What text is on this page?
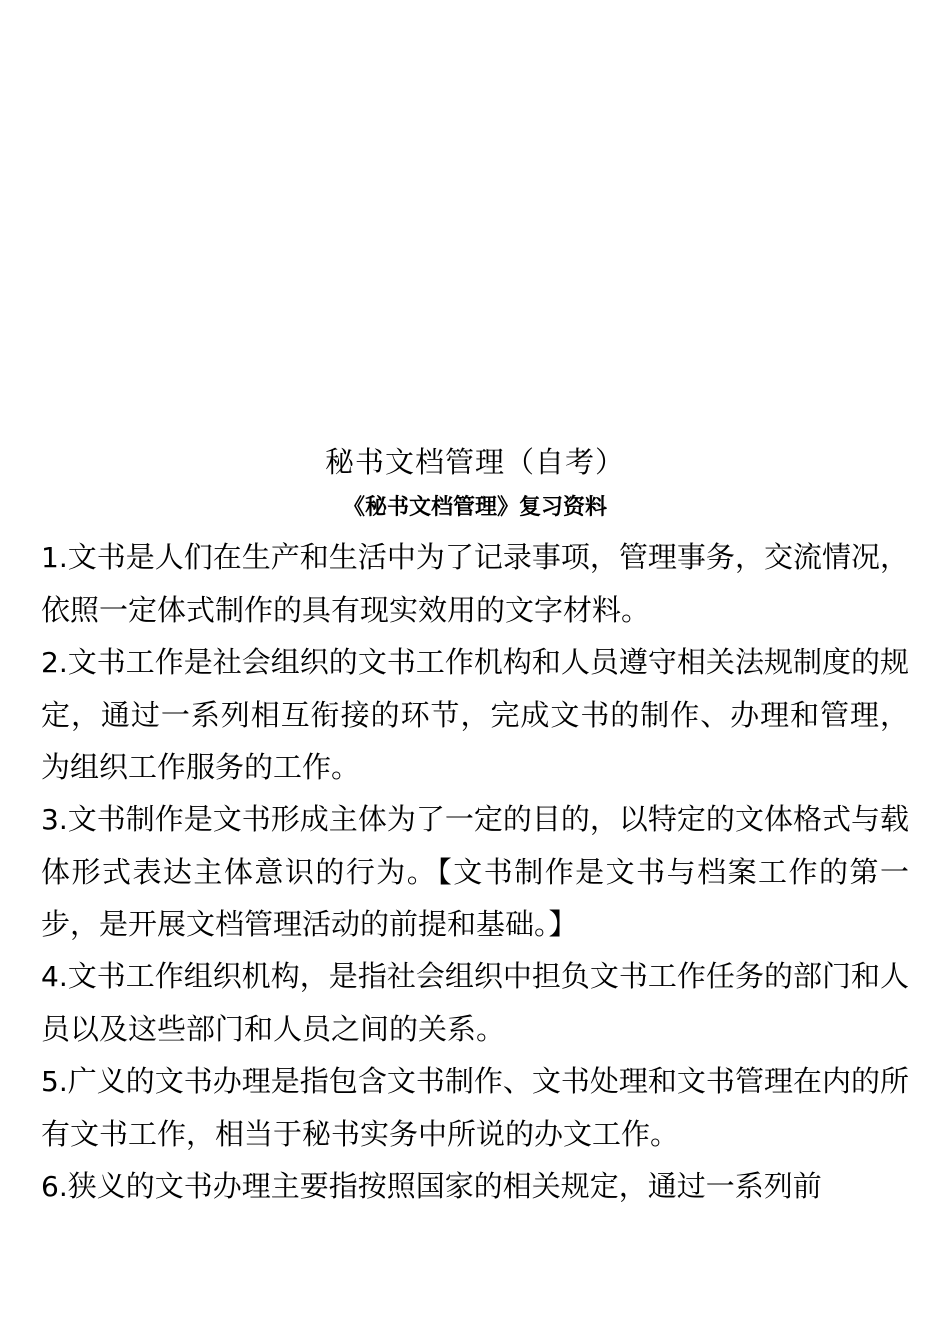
秘书文档管理（自考）
《秘书文档管理》复习资料

1.文书是人们在生产和生活中为了记录事项，管理事务，交流情况，依照一定体式制作的具有现实效用的文字材料。

2.文书工作是社会组织的文书工作机构和人员遵守相关法规制度的规定，通过一系列相互衔接的环节，完成文书的制作、办理和管理，为组织工作服务的工作。

3.文书制作是文书形成主体为了一定的目的，以特定的文体格式与载体形式表达主体意识的行为。【文书制作是文书与档案工作的第一步，是开展文档管理活动的前提和基础。】

4.文书工作组织机构，是指社会组织中担负文书工作任务的部门和人员以及这些部门和人员之间的关系。

5.广义的文书办理是指包含文书制作、文书处理和文书管理在内的所有文书工作，相当于秘书实务中所说的办文工作。

6.狭义的文书办理主要指按照国家的相关规定，通过一系列前
